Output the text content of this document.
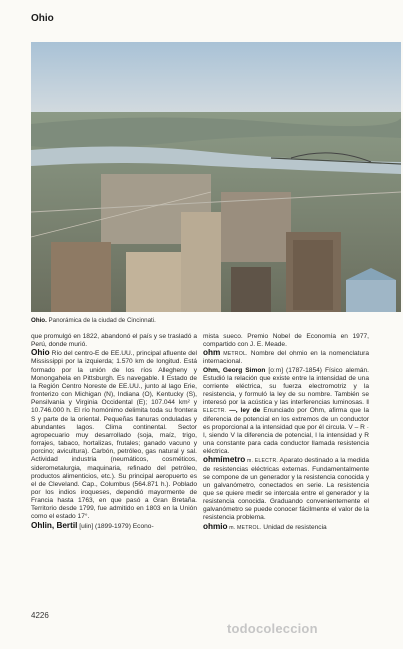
Ohio
Ohio. Panorámica de la ciudad de Cincinnati.

que promulgó en 1822, abandonó el país y se trasladó a Perú, donde murió.

Ohio Río del centro-E de EE.UU., principal afluente del Mississippi por la izquierda; 1.570 km de longitud. Está formado por la unión de los ríos Allegheny y Monongahela en Pittsburgh. Es navegable. ‖ Estado de la Región Centro Noreste de EE.UU., junto al lago Erie, fronterizo con Michigan (N), Indiana (O), Kentucky (S), Pensilvania y Virginia Occidental (E); 107.044 km² y 10.746.000 h. El río homónimo delimita toda su frontera S y parte de la oriental. Pequeñas llanuras onduladas y abundantes lagos. Clima continental. Sector agropecuario muy desarrollado (soja, maíz, trigo, forrajes, tabaco, hortalizas, frutales; ganado vacuno y porcino; avicultura). Carbón, petróleo, gas natural y sal. Actividad industria (neumáticos, cosméticos, siderometalurgia, maquinaria, refinado del petróleo, productos alimenticios, etc.). Su principal aeropuerto es el de Cleveland. Cap., Columbus (564.871 h.). Poblado por los indios iroqueses, dependió mayormente de Francia hasta 1763, en que pasó a Gran Bretaña. Territorio desde 1799, fue admitido en 1803 en la Unión como el estado 17°.

Ohlin, Bertil [ulin] (1899-1979) Econo-

mista sueco. Premio Nobel de Economía en 1977, compartido con J. E. Meade.

ohm METROL. Nombre del ohmio en la nomenclatura internacional.

Ohm, Georg Simon [oːm] (1787-1854) Físico alemán. Estudió la relación que existe entre la intensidad de una corriente eléctrica, su fuerza electromotriz y la resistencia, y formuló la ley de su nombre. También se interesó por la acústica y las interferencias luminosas. ‖ ELECTR. —, ley de Enunciado por Ohm, afirma que la diferencia de potencial en los extremos de un conductor es proporcional a la intensidad que por él circula. V – R · I, siendo V la diferencia de potencial, I la intensidad y R una constante para cada conductor llamada resistencia eléctrica.

ohmímetro m. ELECTR. Aparato destinado a la medida de resistencias eléctricas externas. Fundamentalmente se compone de un generador y la resistencia conocida y un galvanómetro, conectados en serie. La resistencia que se quiere medir se intercala entre el generador y la resistencia conocida. Graduando convenientemente el galvanómetro se puede conocer fácilmente el valor de la resistencia problema.

ohmio m. METROL. Unidad de resistencia

4226
todocoleccion
